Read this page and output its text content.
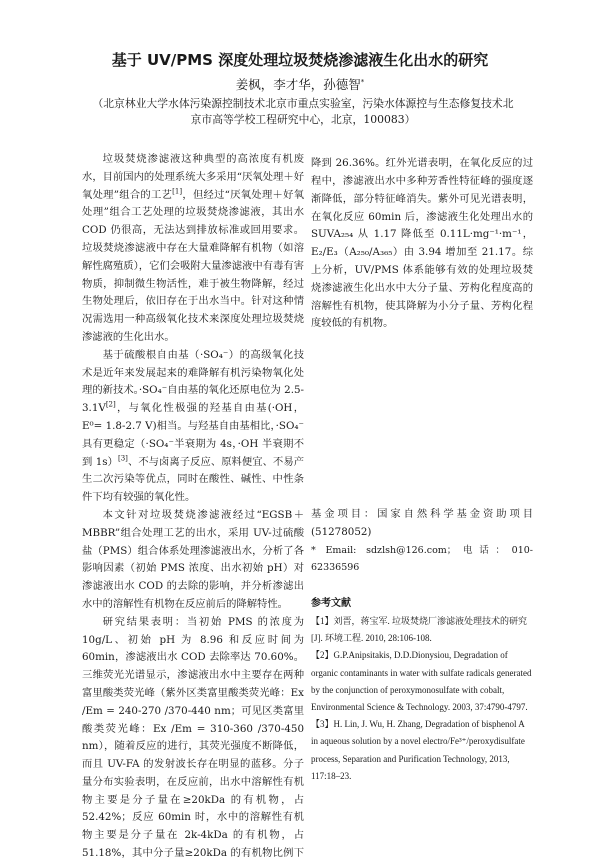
基于 UV/PMS 深度处理垃圾焚烧渗滤液生化出水的研究
姜枫，李才华，孙德智*
（北京林业大学水体污染源控制技术北京市重点实验室，污染水体源控与生态修复技术北京市高等学校工程研究中心，北京，100083）

垃圾焚烧渗滤液这种典型的高浓度有机废水，目前国内的处理系统大多采用“厌氧处理＋好氧处理”组合的工艺[1]，但经过“厌氧处理＋好氧处理”组合工艺处理的垃圾焚烧渗滤液，其出水 COD 仍很高，无法达到排放标准或回用要求。垃圾焚烧渗滤液中存在大量难降解有机物（如溶解性腐殖质），它们会吸附大量渗滤液中有毒有害物质，抑制微生物活性，难于被生物降解，经过生物处理后，依旧存在于出水当中。针对这种情况需选用一种高级氧化技术来深度处理垃圾焚烧渗滤液的生化出水。

基于硫酸根自由基（·SO₄⁻）的高级氧化技术是近年来发展起来的难降解有机污染物氧化处理的新技术。·SO₄⁻自由基的氧化还原电位为 2.5-3.1V[2]，与氧化性极强的羟基自由基(·OH，E⁰= 1.8-2.7 V)相当。与羟基自由基相比，·SO₄⁻具有更稳定（·SO₄⁻半衰期为 4s，·OH 半衰期不到 1s）[3]、不与卤离子反应、原料便宜、不易产生二次污染等优点，同时在酸性、碱性、中性条件下均有较强的氧化性。

本文针对垃圾焚烧渗滤液经过“EGSB＋MBBR”组合处理工艺的出水，采用 UV-过硫酸盐（PMS）组合体系处理渗滤液出水，分析了各影响因素（初始 PMS 浓度、出水初始 pH）对渗滤液出水 COD 的去除的影响，并分析渗滤出水中的溶解性有机物在反应前后的降解特性。

研究结果表明：当初始 PMS 的浓度为 10g/L、初始 pH 为 8.96 和反应时间为 60min，渗滤液出水 COD 去除率达 70.60%。三维荧光光谱显示，渗滤液出水中主要存在两种富里酸类荧光峰（紫外区类富里酸类荧光峰：Ex /Em = 240-270 /370-440 nm；可见区类富里酸类荧光峰：Ex /Em = 310-360 /370-450 nm），随着反应的进行，其荧光强度不断降低，而且 UV-FA 的发射波长存在明显的蓝移。分子量分布实验表明，在反应前，出水中溶解性有机物主要是分子量在≥20kDa 的有机物，占 52.42%；反应 60min 时，水中的溶解性有机物主要是分子量在 2k-4kDa 的有机物，占 51.18%，其中分子量≥20kDa 的有机物比例下

降到 26.36%。红外光谱表明，在氧化反应的过程中，渗滤液出水中多种芳香性特征峰的强度逐渐降低，部分特征峰消失。紫外可见光谱表明，在氧化反应 60min 后，渗滤液生化处理出水的 SUVA₂₅₄ 从 1.17 降低至 0.11L·mg⁻¹·m⁻¹，E₂/E₃（A₂₅₀/A₃₆₅）由 3.94 增加至 21.17。综上分析，UV/PMS 体系能够有效的处理垃圾焚烧渗滤液生化出水中大分子量、芳构化程度高的溶解性有机物，使其降解为小分子量、芳构化程度较低的有机物。

基金项目：国家自然科学基金资助项目(51278052)

* Email: sdzlsh@126.com；电话：010-62336596

参考文献

【1】刘晋，蒋宝军. 垃圾焚烧厂渗滤液处理技术的研究[J]. 环境工程. 2010, 28:106-108.

【2】G.P.Anipsitakis, D.D.Dionysiou, Degradation of organic contaminants in water with sulfate radicals generated by the conjunction of peroxymonosulfate with cobalt, Environmental Science & Technology. 2003, 37:4790-4797.

【3】H. Lin, J. Wu, H. Zhang, Degradation of bisphenol A in aqueous solution by a novel electro/Fe³⁺/peroxydisulfate process, Separation and Purification Technology, 2013, 117:18–23.
